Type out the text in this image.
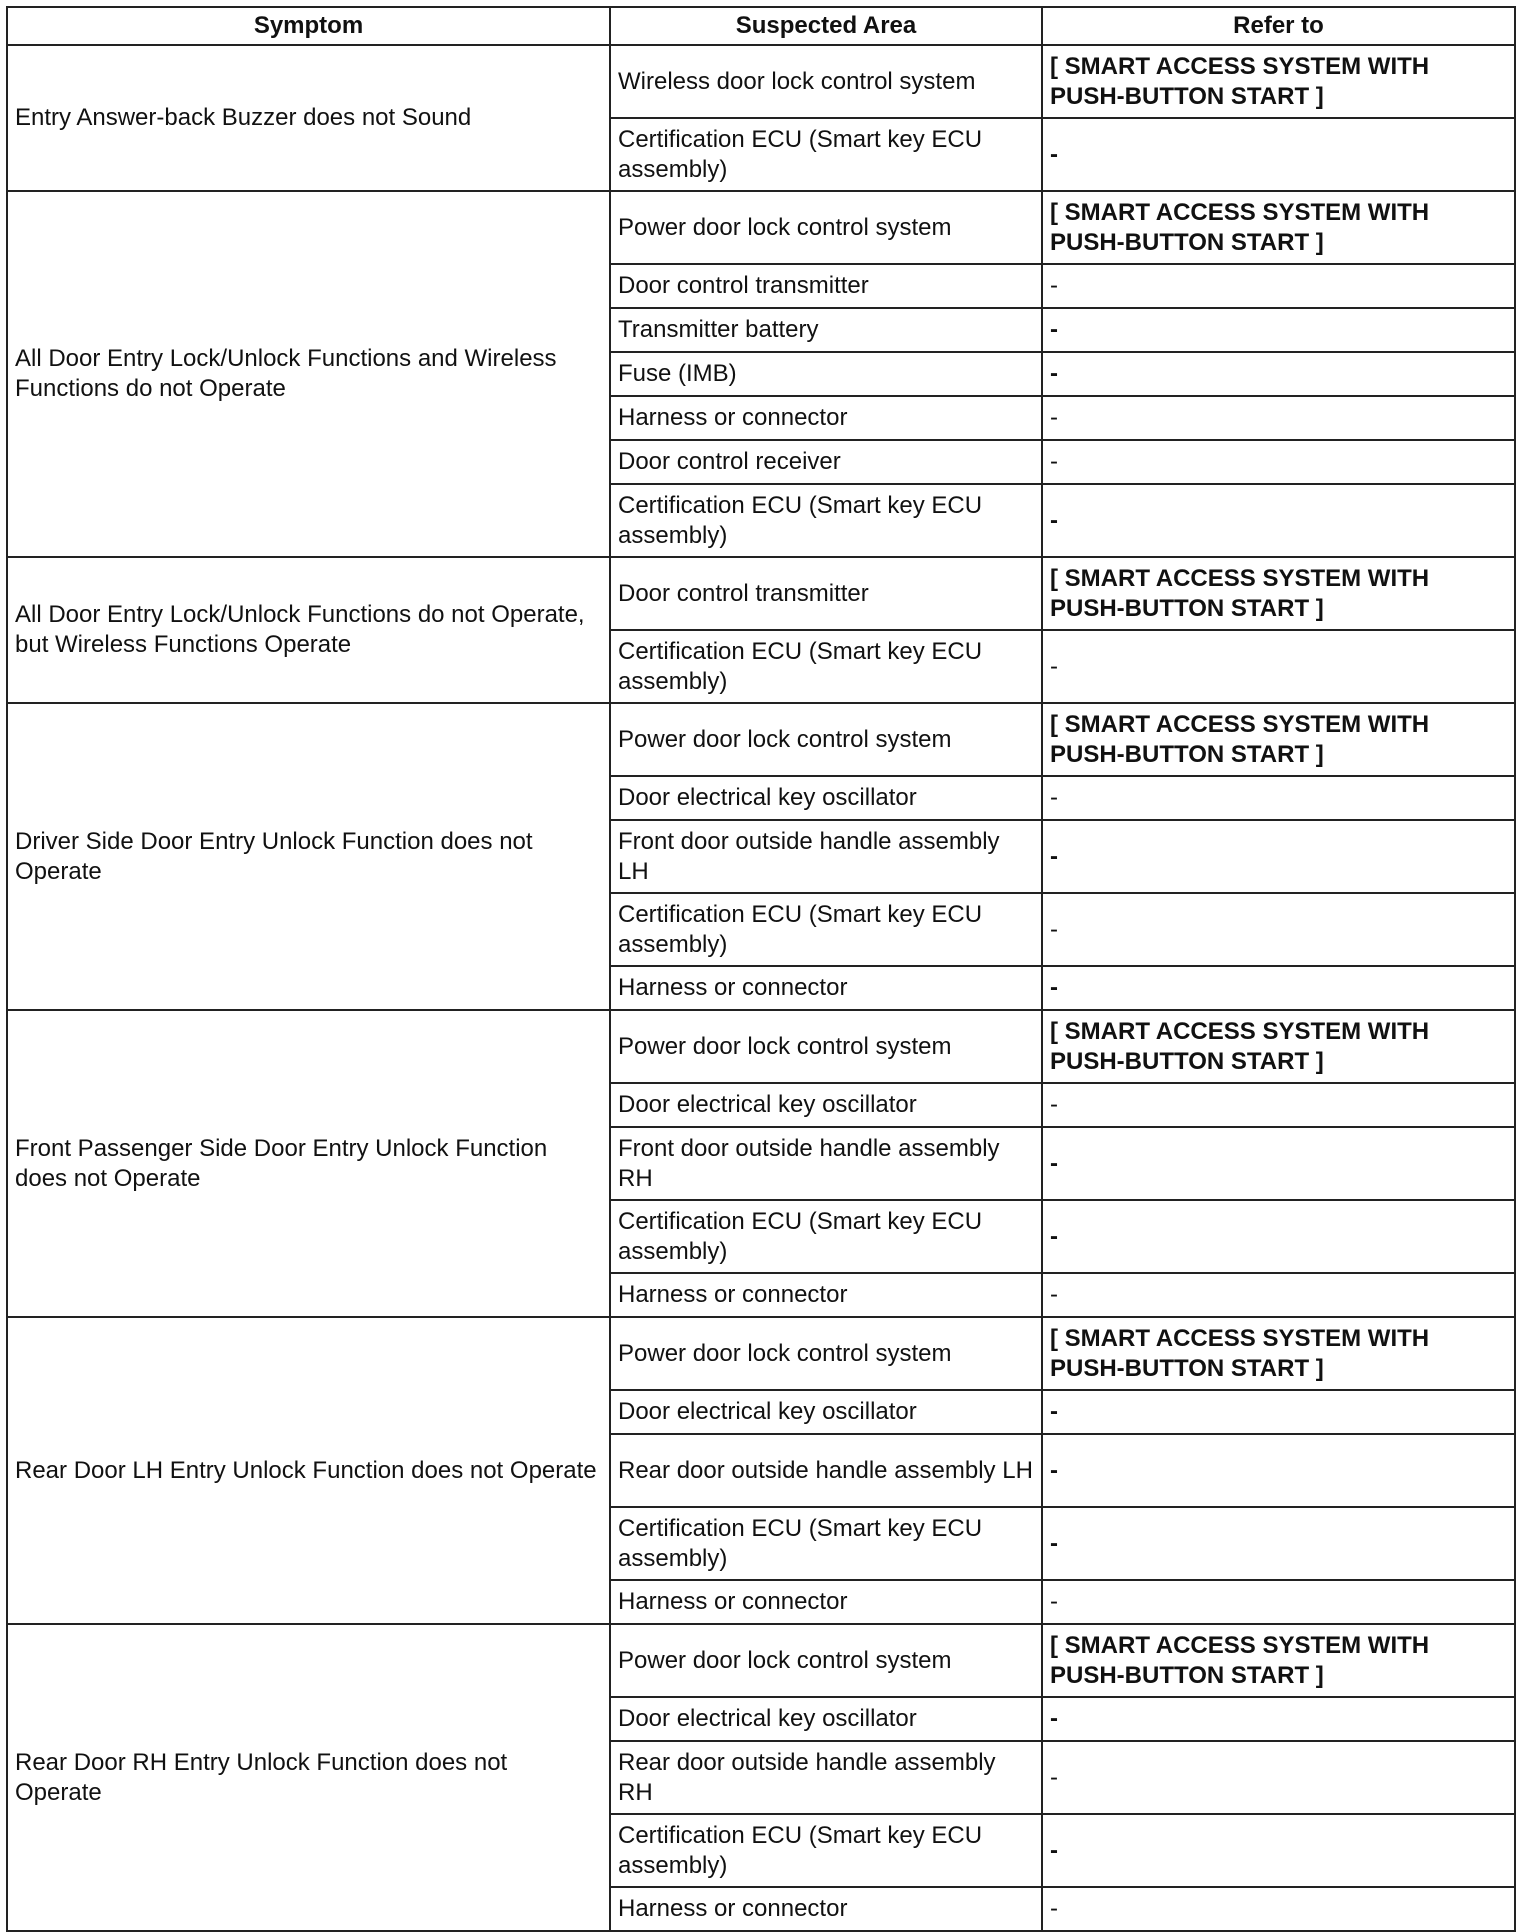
Symptom	Suspected Area	Refer to
Entry Answer-back Buzzer does not Sound	Wireless door lock control system	[ SMART ACCESS SYSTEM WITH PUSH-BUTTON START ]
	Certification ECU (Smart key ECU assembly)	-
All Door Entry Lock/Unlock Functions and Wireless Functions do not Operate	Power door lock control system	[ SMART ACCESS SYSTEM WITH PUSH-BUTTON START ]
	Door control transmitter	-
	Transmitter battery	-
	Fuse (IMB)	-
	Harness or connector	-
	Door control receiver	-
	Certification ECU (Smart key ECU assembly)	-
All Door Entry Lock/Unlock Functions do not Operate, but Wireless Functions Operate	Door control transmitter	[ SMART ACCESS SYSTEM WITH PUSH-BUTTON START ]
	Certification ECU (Smart key ECU assembly)	-
Driver Side Door Entry Unlock Function does not Operate	Power door lock control system	[ SMART ACCESS SYSTEM WITH PUSH-BUTTON START ]
	Door electrical key oscillator	-
	Front door outside handle assembly LH	-
	Certification ECU (Smart key ECU assembly)	-
	Harness or connector	-
Front Passenger Side Door Entry Unlock Function does not Operate	Power door lock control system	[ SMART ACCESS SYSTEM WITH PUSH-BUTTON START ]
	Door electrical key oscillator	-
	Front door outside handle assembly RH	-
	Certification ECU (Smart key ECU assembly)	-
	Harness or connector	-
Rear Door LH Entry Unlock Function does not Operate	Power door lock control system	[ SMART ACCESS SYSTEM WITH PUSH-BUTTON START ]
	Door electrical key oscillator	-
	Rear door outside handle assembly LH	-
	Certification ECU (Smart key ECU assembly)	-
	Harness or connector	-
Rear Door RH Entry Unlock Function does not Operate	Power door lock control system	[ SMART ACCESS SYSTEM WITH PUSH-BUTTON START ]
	Door electrical key oscillator	-
	Rear door outside handle assembly RH	-
	Certification ECU (Smart key ECU assembly)	-
	Harness or connector	-
